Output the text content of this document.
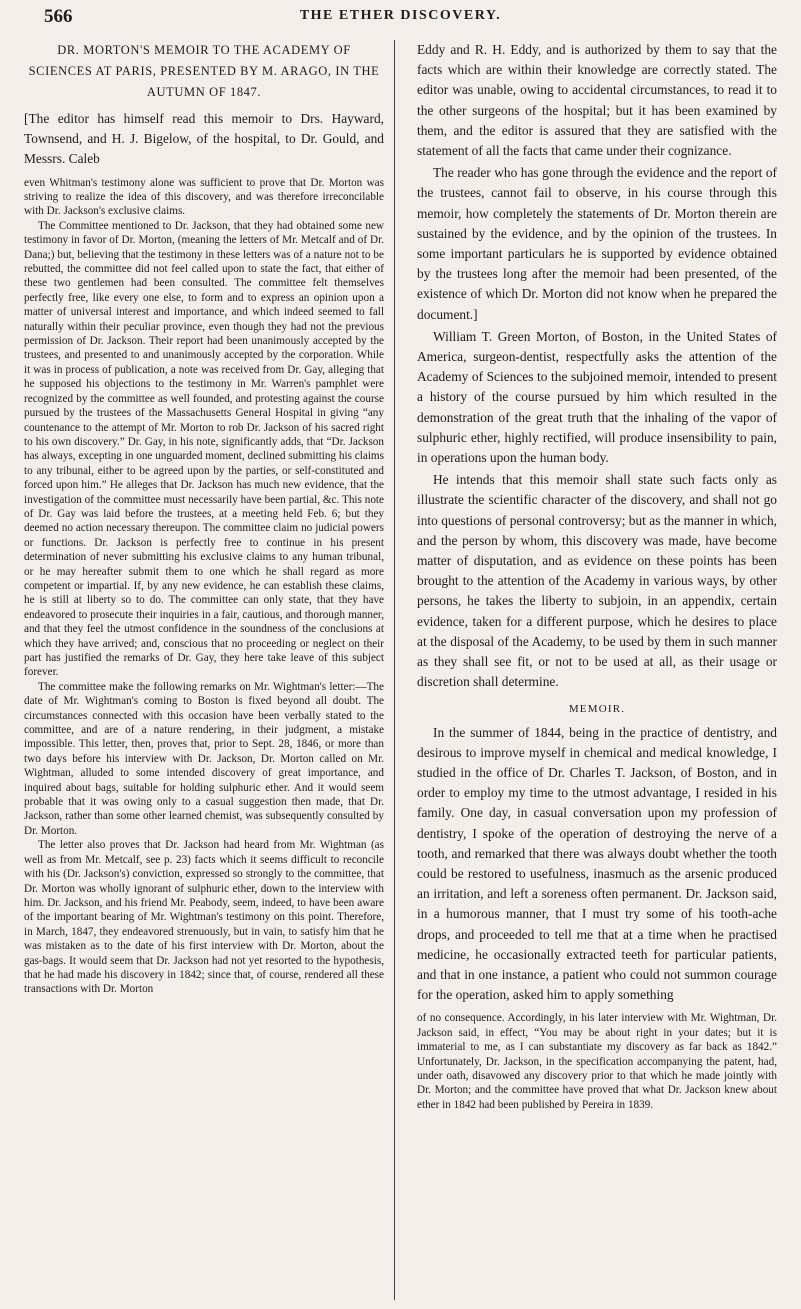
566	THE ETHER DISCOVERY.

DR. MORTON'S MEMOIR TO THE ACADEMY OF SCIENCES AT PARIS, PRESENTED BY M. ARAGO, IN THE AUTUMN OF 1847.

[The editor has himself read this memoir to Drs. Hayward, Townsend, and H. J. Bigelow, of the hospital, to Dr. Gould, and Messrs. Caleb

even Whitman's testimony alone was sufficient to prove that Dr. Morton was striving to realize the idea of this discovery, and was therefore irreconcilable with Dr. Jackson's exclusive claims.

The Committee mentioned to Dr. Jackson, that they had obtained some new testimony in favor of Dr. Morton, (meaning the letters of Mr. Metcalf and of Dr. Dana;) but, believing that the testimony in these letters was of a nature not to be rebutted, the committee did not feel called upon to state the fact, that either of these two gentlemen had been consulted. The committee felt themselves perfectly free, like every one else, to form and to express an opinion upon a matter of universal interest and importance, and which indeed seemed to fall naturally within their peculiar province, even though they had not the previous permission of Dr. Jackson. Their report had been unanimously accepted by the trustees, and presented to and unanimously accepted by the corporation. While it was in process of publication, a note was received from Dr. Gay, alleging that he supposed his objections to the testimony in Mr. Warren's pamphlet were recognized by the committee as well founded, and protesting against the course pursued by the trustees of the Massachusetts General Hospital in giving “any countenance to the attempt of Mr. Morton to rob Dr. Jackson of his sacred right to his own discovery.” Dr. Gay, in his note, significantly adds, that “Dr. Jackson has always, excepting in one unguarded moment, declined submitting his claims to any tribunal, either to be agreed upon by the parties, or self-constituted and forced upon him.” He alleges that Dr. Jackson has much new evidence, that the investigation of the committee must necessarily have been partial, &c. This note of Dr. Gay was laid before the trustees, at a meeting held Feb. 6; but they deemed no action necessary thereupon. The committee claim no judicial powers or functions. Dr. Jackson is perfectly free to continue in his present determination of never submitting his exclusive claims to any human tribunal, or he may hereafter submit them to one which he shall regard as more competent or impartial. If, by any new evidence, he can establish these claims, he is still at liberty so to do. The committee can only state, that they have endeavored to prosecute their inquiries in a fair, cautious, and thorough manner, and that they feel the utmost confidence in the soundness of the conclusions at which they have arrived; and, conscious that no proceeding or neglect on their part has justified the remarks of Dr. Gay, they here take leave of this subject forever.

The committee make the following remarks on Mr. Wightman's letter:—The date of Mr. Wightman's coming to Boston is fixed beyond all doubt. The circumstances connected with this occasion have been verbally stated to the committee, and are of a nature rendering, in their judgment, a mistake impossible. This letter, then, proves that, prior to Sept. 28, 1846, or more than two days before his interview with Dr. Jackson, Dr. Morton called on Mr. Wightman, alluded to some intended discovery of great importance, and inquired about bags, suitable for holding sulphuric ether. And it would seem probable that it was owing only to a casual suggestion then made, that Dr. Jackson, rather than some other learned chemist, was subsequently consulted by Dr. Morton.

The letter also proves that Dr. Jackson had heard from Mr. Wightman (as well as from Mr. Metcalf, see p. 23) facts which it seems difficult to reconcile with his (Dr. Jackson's) conviction, expressed so strongly to the committee, that Dr. Morton was wholly ignorant of sulphuric ether, down to the interview with him. Dr. Jackson, and his friend Mr. Peabody, seem, indeed, to have been aware of the important bearing of Mr. Wightman's testimony on this point. Therefore, in March, 1847, they endeavored strenuously, but in vain, to satisfy him that he was mistaken as to the date of his first interview with Dr. Morton, about the gas-bags. It would seem that Dr. Jackson had not yet resorted to the hypothesis, that he had made his discovery in 1842; since that, of course, rendered all these transactions with Dr. Morton

Eddy and R. H. Eddy, and is authorized by them to say that the facts which are within their knowledge are correctly stated. The editor was unable, owing to accidental circumstances, to read it to the other surgeons of the hospital; but it has been examined by them, and the editor is assured that they are satisfied with the statement of all the facts that came under their cognizance.

The reader who has gone through the evidence and the report of the trustees, cannot fail to observe, in his course through this memoir, how completely the statements of Dr. Morton therein are sustained by the evidence, and by the opinion of the trustees. In some important particulars he is supported by evidence obtained by the trustees long after the memoir had been presented, of the existence of which Dr. Morton did not know when he prepared the document.]

William T. Green Morton, of Boston, in the United States of America, surgeon-dentist, respectfully asks the attention of the Academy of Sciences to the subjoined memoir, intended to present a history of the course pursued by him which resulted in the demonstration of the great truth that the inhaling of the vapor of sulphuric ether, highly rectified, will produce insensibility to pain, in operations upon the human body.

He intends that this memoir shall state such facts only as illustrate the scientific character of the discovery, and shall not go into questions of personal controversy; but as the manner in which, and the person by whom, this discovery was made, have become matter of disputation, and as evidence on these points has been brought to the attention of the Academy in various ways, by other persons, he takes the liberty to subjoin, in an appendix, certain evidence, taken for a different purpose, which he desires to place at the disposal of the Academy, to be used by them in such manner as they shall see fit, or not to be used at all, as their usage or discretion shall determine.

MEMOIR.

In the summer of 1844, being in the practice of dentistry, and desirous to improve myself in chemical and medical knowledge, I studied in the office of Dr. Charles T. Jackson, of Boston, and in order to employ my time to the utmost advantage, I resided in his family. One day, in casual conversation upon my profession of dentistry, I spoke of the operation of destroying the nerve of a tooth, and remarked that there was always doubt whether the tooth could be restored to usefulness, inasmuch as the arsenic produced an irritation, and left a soreness often permanent. Dr. Jackson said, in a humorous manner, that I must try some of his tooth-ache drops, and proceeded to tell me that at a time when he practised medicine, he occasionally extracted teeth for particular patients, and that in one instance, a patient who could not summon courage for the operation, asked him to apply something

of no consequence. Accordingly, in his later interview with Mr. Wightman, Dr. Jackson said, in effect, “You may be about right in your dates; but it is immaterial to me, as I can substantiate my discovery as far back as 1842.” Unfortunately, Dr. Jackson, in the specification accompanying the patent, had, under oath, disavowed any discovery prior to that which he made jointly with Dr. Morton; and the committee have proved that what Dr. Jackson knew about ether in 1842 had been published by Pereira in 1839.
